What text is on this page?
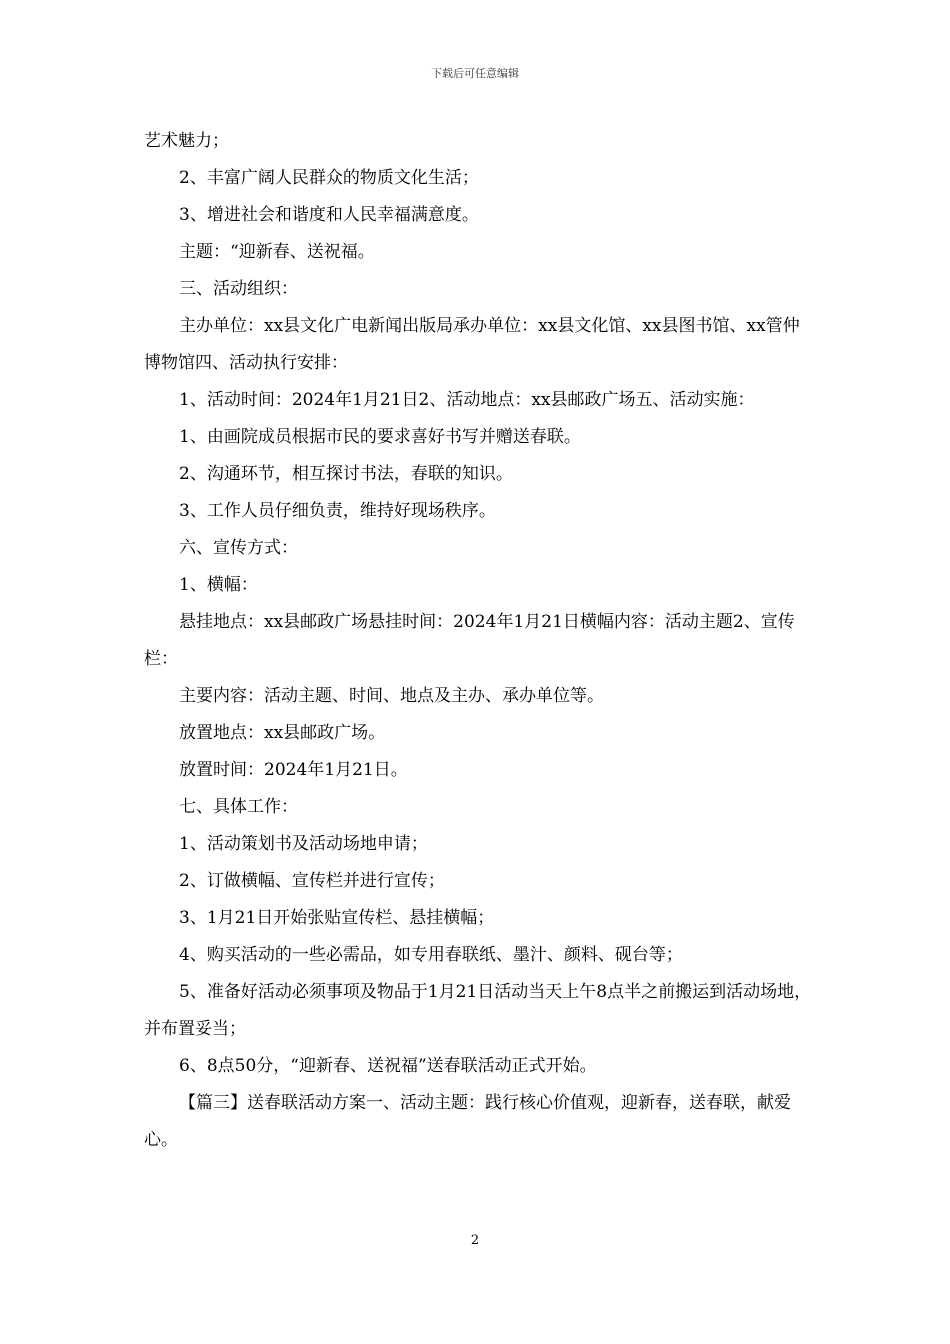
下载后可任意编辑

艺术魅力；

2、丰富广阔人民群众的物质文化生活；

3、增进社会和谐度和人民幸福满意度。

主题：“迎新春、送祝福。

三、活动组织：

主办单位：xx县文化广电新闻出版局承办单位：xx县文化馆、xx县图书馆、xx管仲博物馆四、活动执行安排：

1、活动时间：2024年1月21日2、活动地点：xx县邮政广场五、活动实施：

1、由画院成员根据市民的要求喜好书写并赠送春联。

2、沟通环节，相互探讨书法，春联的知识。

3、工作人员仔细负责，维持好现场秩序。

六、宣传方式：

1、横幅：

悬挂地点：xx县邮政广场悬挂时间：2024年1月21日横幅内容：活动主题2、宣传栏：

主要内容：活动主题、时间、地点及主办、承办单位等。

放置地点：xx县邮政广场。

放置时间：2024年1月21日。

七、具体工作：

1、活动策划书及活动场地申请；

2、订做横幅、宣传栏并进行宣传；

3、1月21日开始张贴宣传栏、悬挂横幅；

4、购买活动的一些必需品，如专用春联纸、墨汁、颜料、砚台等；

5、准备好活动必须事项及物品于1月21日活动当天上午8点半之前搬运到活动场地，并布置妥当；

6、8点50分，“迎新春、送祝福”送春联活动正式开始。

【篇三】送春联活动方案一、活动主题：践行核心价值观，迎新春，送春联，献爱心。

2
